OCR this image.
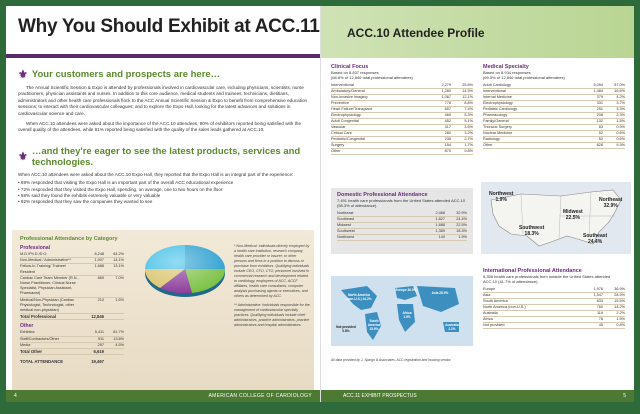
Why You Should Exhibit at ACC.11
⚜ Your customers and prospects are here…

The Annual Scientific Session & Expo is attended by professionals involved in cardiovascular care, including physicians, scientists, nurse practitioners, physician assistants and nurses. In addition to this core audience, medical students and trainees, technicians, dietitians, administrators and other health care professionals flock to the ACC Annual Scientific Session & Expo to benefit from comprehensive education sessions; to interact with their cardiovascular colleagues; and to explore the Expo Hall, looking for the latest advances and solutions in cardiovascular science and care.

When ACC.10 attendees were asked about the importance of the ACC.10 attendees, 90% of exhibitors reported being satisfied with the overall quality of the attendees, while 81% reported being satisfied with the quality of the sales leads gathered at ACC.10.

⚜ …and they're eager to see the latest products, services and technologies.

When ACC.10 attendees were asked about the ACC.10 Expo Hall, they reported that the Expo Hall is an integral part of the experience:

• 89% responded that visiting the Expo Hall is an important part of the overall ACC educational experience
• 72% responded that they visited the Expo Hall, spending, on average, one to two hours on the floor
• 58% said they found the exhibits extremely valuable or very valuable
• 92% responded that they saw the companies they wanted to see
Professional Attendance by Category
Professional
M.D./Ph.D./D.O.	8,248	64.2%
Non-Medical / Administrative**	1,907	14.1%
Fellow-In-Training/ Trainee/ Resident
1,688	13.1%
Cardiac Care Team Member (R.N., Nurse Practitioner, Clinical Nurse Specialist, Physician Assistant, Pharmacist)
869	7.0%
Medical/Non-Physician (Cardiac Physiologist, Technologist, other medical non-physician)
210	1.6%
Total Professional	12,846
Other
Exhibitor	5,411	81.7%
Staff/Contractors/Other	911	13.8%
Media	297	4.5%
Total Other	6,619
TOTAL ATTENDANCE	19,467

* Non-Medical: Individuals directly employed by a health care institution, research company, health care provider or insurer; or other persons and firms in a position to discuss or purchase from exhibitors. Qualifying individuals include CEO, CFO, CTO, personnel involved in commercial research and development related to cardiology, employees of ACC, ACCF affiliates, health care consultants, computer analysts purchasing agents or executives, and others as determined by ACC.

** Administrative: Individuals responsible for the management of cardiovascular specialty practices. Qualifying individuals include chief administrators, practice administrators, practice administrators and hospital administrators.

4	AMERICAN COLLEGE OF CARDIOLOGY
ACC.10 Attendee Profile
Clinical Focus
Based on 8,837 responses
(68.8% of 12,846 total professional attendees)
Interventional	2,279	25.8%
Ambulatory/General	1,280	14.5%
Non-invasive Imaging	1,067	12.1%
Preventive	776	8.8%
Heart Failure/Transplant	657	7.4%
Electrophysiology	469	5.3%
Adult Congenital	452	5.1%
Vascular	317	3.6%
Critical Care	280	3.2%
Pediatric/Congenital	236	2.7%
Surgery	154	1.7%
Other	870	9.8%
Medical Specialty
Based on 8,934 responses
(69.5% of 12,846 total professional attendees)
Adult Cardiology	5,094	57.0%
Interventional	1,484	16.6%
Internal Medicine	379	4.2%
Electrophysiology	331	3.7%
Pediatric Cardiology	291	3.3%
Pharmacology	208	2.3%
Family/General	132	1.5%
Thoracic Surgery	83	0.9%
Nuclear Medicine	52	0.6%
Radiology	52	0.6%
Other	828	9.3%
Domestic Professional Attendance
7,491 health care professionals from the United States attended ACC.10 (58.3% of attendance).
Northeast	2,466	32.9%
Southeast	1,827	24.4%
Midwest	1,688	22.5%
Southwest	1,369	18.3%
Northwest	140	1.9%
Northwest
1.9%	Northeast
32.9%
Midwest
22.5%
Southwest
18.3%	Southeast
24.4%
North America (non-U.S.) 14.2%
Europe 36.9%
Asia 28.9%
South America 15.5%
Africa 1.5%
Australia 2.2%
Not provided 0.8%
All data provided by J. Spargo & Associates, ACC registration and housing vendor.
International Professional Attendance
5,358 health care professionals from outside the United States attended ACC.10 (41.7% of attendance).
Europe	1,976	36.9%
Asia	1,547	28.9%
South America	833	15.5%
North America (non-U.S.)	760	14.2%
Australia	119	2.2%
Africa	78	1.5%
Not provided	45	0.8%
ACC.11 EXHIBIT PROSPECTUS	5
